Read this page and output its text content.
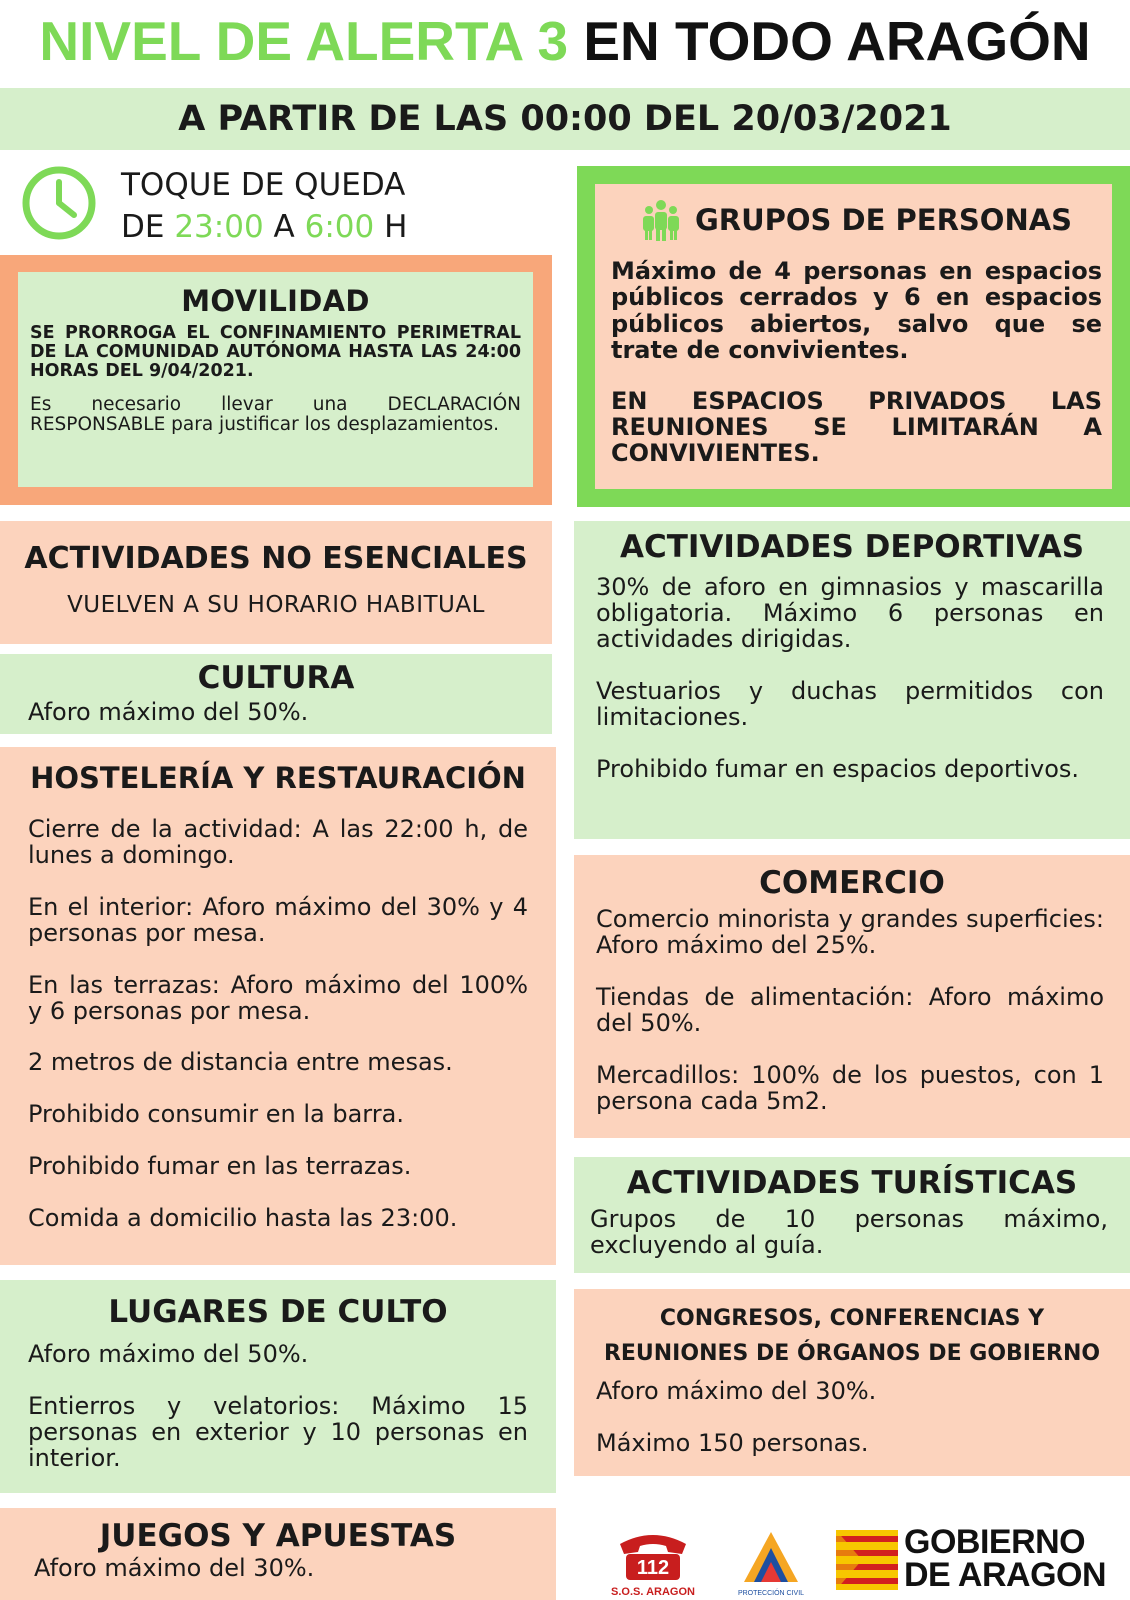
NIVEL DE ALERTA 3 EN TODO ARAGÓN
A PARTIR DE LAS 00:00 DEL 20/03/2021
TOQUE DE QUEDA
DE 23:00 A 6:00 H
MOVILIDAD

SE PRORROGA EL CONFINAMIENTO PERIMETRAL DE LA COMUNIDAD AUTÓNOMA HASTA LAS 24:00 HORAS DEL 9/04/2021.

Es necesario llevar una DECLARACIÓN RESPONSABLE para justificar los desplazamientos.

GRUPOS DE PERSONAS

Máximo de 4 personas en espacios públicos cerrados y 6 en espacios públicos abiertos, salvo que se trate de convivientes.

EN ESPACIOS PRIVADOS LAS REUNIONES SE LIMITARÁN A CONVIVIENTES.

ACTIVIDADES NO ESENCIALES
VUELVEN A SU HORARIO HABITUAL
CULTURA

Aforo máximo del 50%.

HOSTELERÍA Y RESTAURACIÓN

Cierre de la actividad: A las 22:00 h, de lunes a domingo.

En el interior: Aforo máximo del 30% y 4 personas por mesa.

En las terrazas: Aforo máximo del 100% y 6 personas por mesa.

2 metros de distancia entre mesas.

Prohibido consumir en la barra.

Prohibido fumar en las terrazas.

Comida a domicilio hasta las 23:00.

LUGARES DE CULTO

Aforo máximo del 50%.

Entierros y velatorios: Máximo 15 personas en exterior y 10 personas en interior.

JUEGOS Y APUESTAS

Aforo máximo del 30%.

ACTIVIDADES DEPORTIVAS

30% de aforo en gimnasios y mascarilla obligatoria. Máximo 6 personas en actividades dirigidas.

Vestuarios y duchas permitidos con limitaciones.

Prohibido fumar en espacios deportivos.

COMERCIO

Comercio minorista y grandes superficies: Aforo máximo del 25%.

Tiendas de alimentación: Aforo máximo del 50%.

Mercadillos: 100% de los puestos, con 1 persona cada 5m2.

ACTIVIDADES TURÍSTICAS

Grupos de 10 personas máximo, excluyendo al guía.

CONGRESOS, CONFERENCIAS Y
REUNIONES DE ÓRGANOS DE GOBIERNO

Aforo máximo del 30%.

Máximo 150 personas.

112
S.O.S. ARAGON	PROTECCIÓN CIVIL
GOBIERNO
DE ARAGON
